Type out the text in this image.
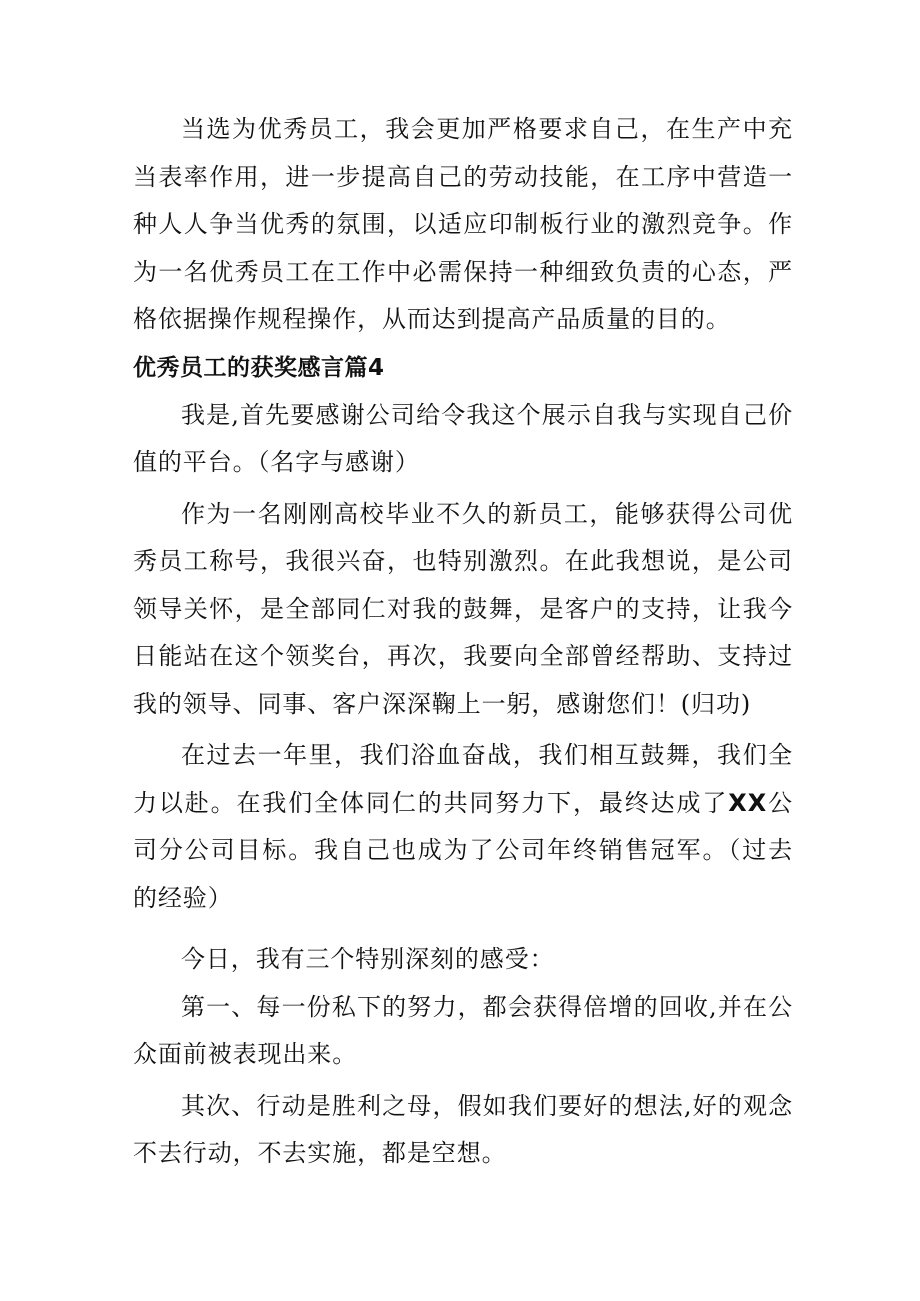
当选为优秀员工，我会更加严格要求自己，在生产中充当表率作用，进一步提高自己的劳动技能，在工序中营造一种人人争当优秀的氛围，以适应印制板行业的激烈竞争。作为一名优秀员工在工作中必需保持一种细致负责的心态，严格依据操作规程操作，从而达到提高产品质量的目的。

优秀员工的获奖感言篇4

我是,首先要感谢公司给令我这个展示自我与实现自己价值的平台。（名字与感谢）

作为一名刚刚高校毕业不久的新员工，能够获得公司优秀员工称号，我很兴奋，也特别激烈。在此我想说，是公司领导关怀，是全部同仁对我的鼓舞，是客户的支持，让我今日能站在这个领奖台，再次，我要向全部曾经帮助、支持过我的领导、同事、客户深深鞠上一躬，感谢您们！(归功)

在过去一年里，我们浴血奋战，我们相互鼓舞，我们全力以赴。在我们全体同仁的共同努力下，最终达成了XX公司分公司目标。我自己也成为了公司年终销售冠军。（过去的经验）

今日，我有三个特别深刻的感受：

第一、每一份私下的努力，都会获得倍增的回收,并在公众面前被表现出来。

其次、行动是胜利之母，假如我们要好的想法,好的观念不去行动，不去实施，都是空想。
